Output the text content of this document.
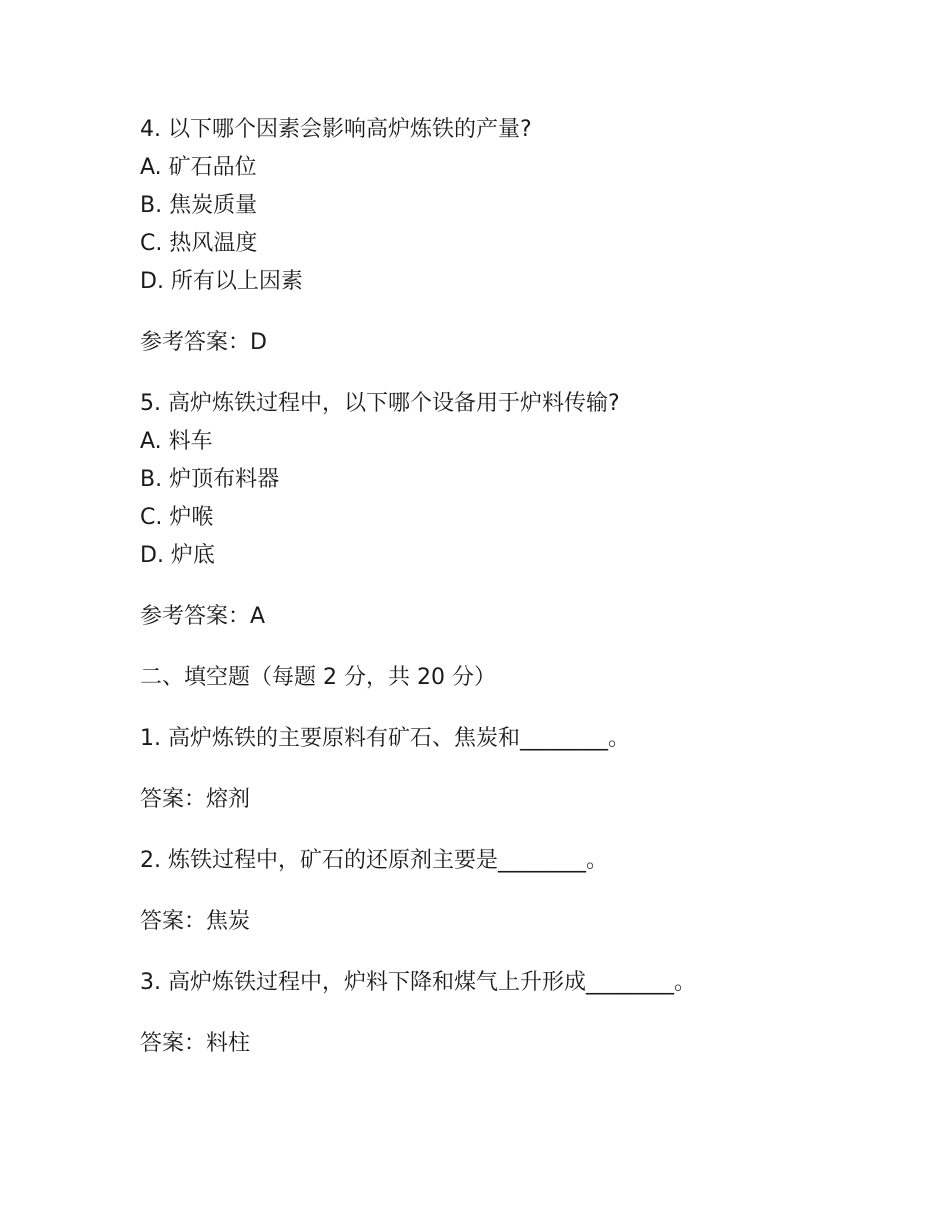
4. 以下哪个因素会影响高炉炼铁的产量?
A. 矿石品位
B. 焦炭质量
C. 热风温度
D. 所有以上因素
参考答案：D
5. 高炉炼铁过程中，以下哪个设备用于炉料传输?
A. 料车
B. 炉顶布料器
C. 炉喉
D. 炉底
参考答案：A
二、填空题（每题 2 分，共 20 分）
1. 高炉炼铁的主要原料有矿石、焦炭和________。
答案：熔剂
2. 炼铁过程中，矿石的还原剂主要是________。
答案：焦炭
3. 高炉炼铁过程中，炉料下降和煤气上升形成________。
答案：料柱
